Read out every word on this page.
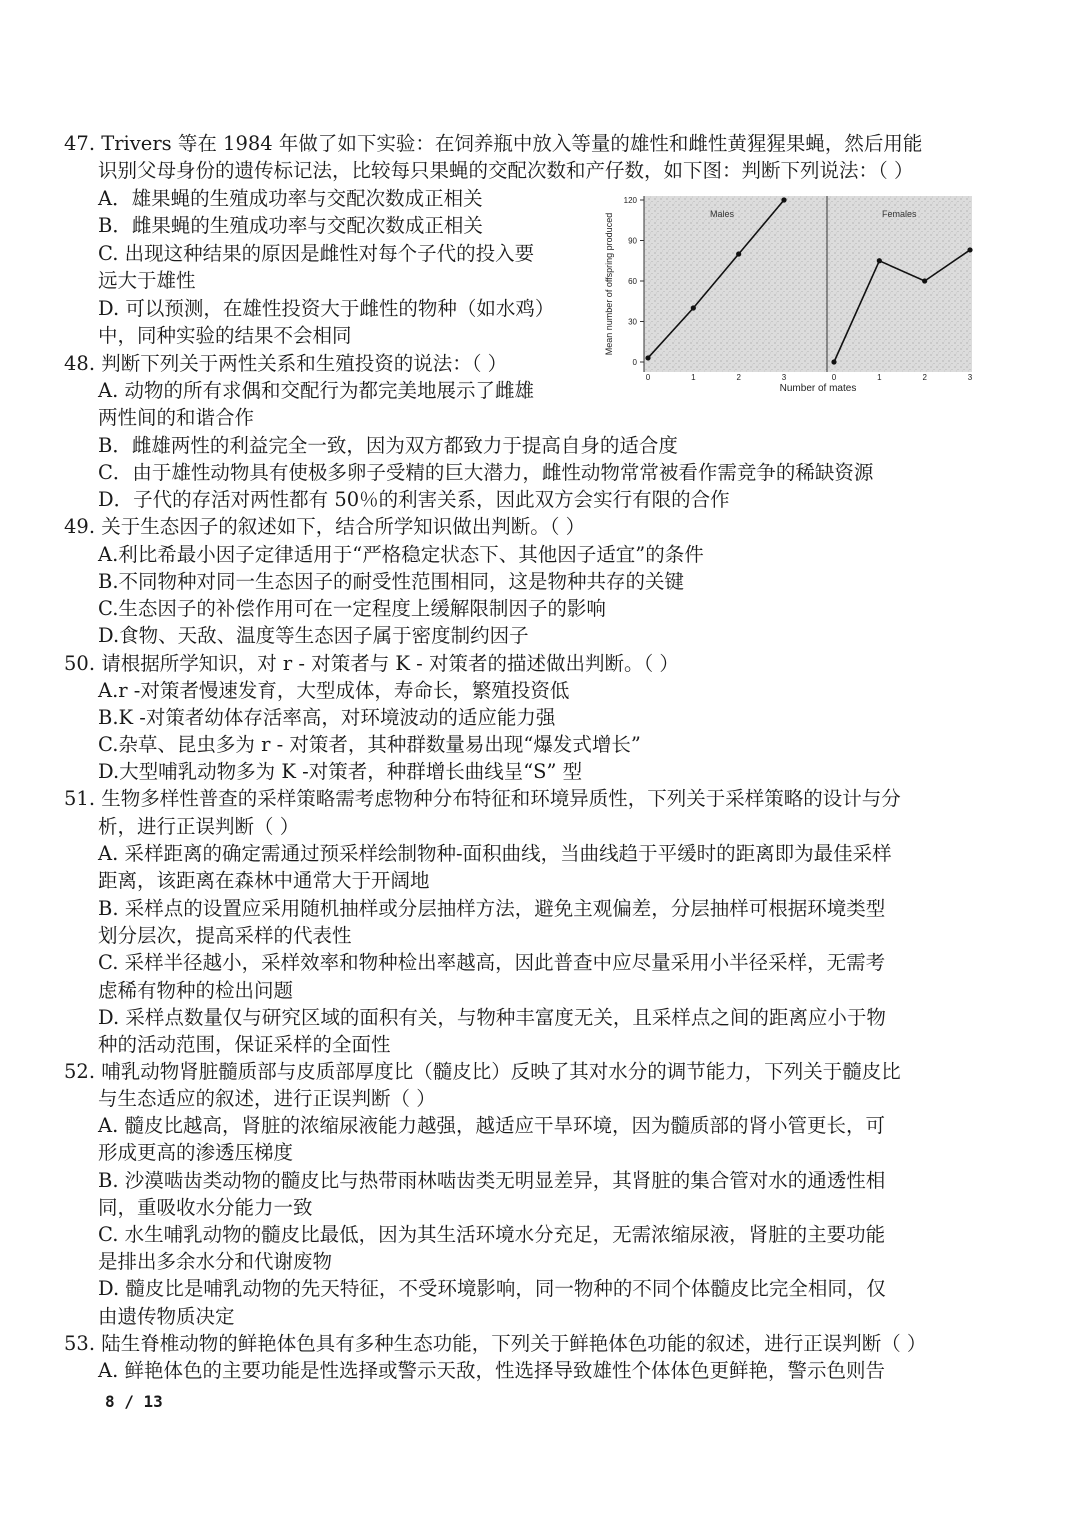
47. Trivers 等在 1984 年做了如下实验：在饲养瓶中放入等量的雄性和雌性黄猩猩果蝇，然后用能
识别父母身份的遗传标记法，比较每只果蝇的交配次数和产仔数，如下图：判断下列说法：（ ）
A．雄果蝇的生殖成功率与交配次数成正相关
B．雌果蝇的生殖成功率与交配次数成正相关
C. 出现这种结果的原因是雌性对每个子代的投入要
远大于雄性
D. 可以预测，在雄性投资大于雌性的物种（如水鸡）
中，同种实验的结果不会相同
48. 判断下列关于两性关系和生殖投资的说法：（ ）
A. 动物的所有求偶和交配行为都完美地展示了雌雄
两性间的和谐合作
B．雌雄两性的利益完全一致，因为双方都致力于提高自身的适合度
C．由于雄性动物具有使极多卵子受精的巨大潜力，雌性动物常常被看作需竞争的稀缺资源
D．子代的存活对两性都有 50％的利害关系，因此双方会实行有限的合作
49. 关于生态因子的叙述如下，结合所学知识做出判断。（ ）
A.利比希最小因子定律适用于“严格稳定状态下、其他因子适宜”的条件
B.不同物种对同一生态因子的耐受性范围相同，这是物种共存的关键
C.生态因子的补偿作用可在一定程度上缓解限制因子的影响
D.食物、天敌、温度等生态因子属于密度制约因子
50. 请根据所学知识，对 r - 对策者与 K - 对策者的描述做出判断。（ ）
A.r -对策者慢速发育，大型成体，寿命长，繁殖投资低
B.K -对策者幼体存活率高，对环境波动的适应能力强
C.杂草、昆虫多为 r - 对策者，其种群数量易出现“爆发式增长”
D.大型哺乳动物多为 K -对策者，种群增长曲线呈“S” 型
51. 生物多样性普查的采样策略需考虑物种分布特征和环境异质性，下列关于采样策略的设计与分
析，进行正误判断（ ）
A. 采样距离的确定需通过预采样绘制物种-面积曲线，当曲线趋于平缓时的距离即为最佳采样
距离，该距离在森林中通常大于开阔地
B. 采样点的设置应采用随机抽样或分层抽样方法，避免主观偏差，分层抽样可根据环境类型
划分层次，提高采样的代表性
C. 采样半径越小，采样效率和物种检出率越高，因此普查中应尽量采用小半径采样，无需考
虑稀有物种的检出问题
D. 采样点数量仅与研究区域的面积有关，与物种丰富度无关，且采样点之间的距离应小于物
种的活动范围，保证采样的全面性
52. 哺乳动物肾脏髓质部与皮质部厚度比（髓皮比）反映了其对水分的调节能力，下列关于髓皮比
与生态适应的叙述，进行正误判断（ ）
A. 髓皮比越高，肾脏的浓缩尿液能力越强，越适应干旱环境，因为髓质部的肾小管更长，可
形成更高的渗透压梯度
B. 沙漠啮齿类动物的髓皮比与热带雨林啮齿类无明显差异，其肾脏的集合管对水的通透性相
同，重吸收水分能力一致
C. 水生哺乳动物的髓皮比最低，因为其生活环境水分充足，无需浓缩尿液，肾脏的主要功能
是排出多余水分和代谢废物
D. 髓皮比是哺乳动物的先天特征，不受环境影响，同一物种的不同个体髓皮比完全相同，仅
由遗传物质决定
53. 陆生脊椎动物的鲜艳体色具有多种生态功能，下列关于鲜艳体色功能的叙述，进行正误判断（ ）
A. 鲜艳体色的主要功能是性选择或警示天敌，性选择导致雄性个体体色更鲜艳，警示色则告
Mean number of offspring produced
Number of mates
Males	Females
0
30
60
90
120
0	1	2	3	0	1	2	3
8 / 13
